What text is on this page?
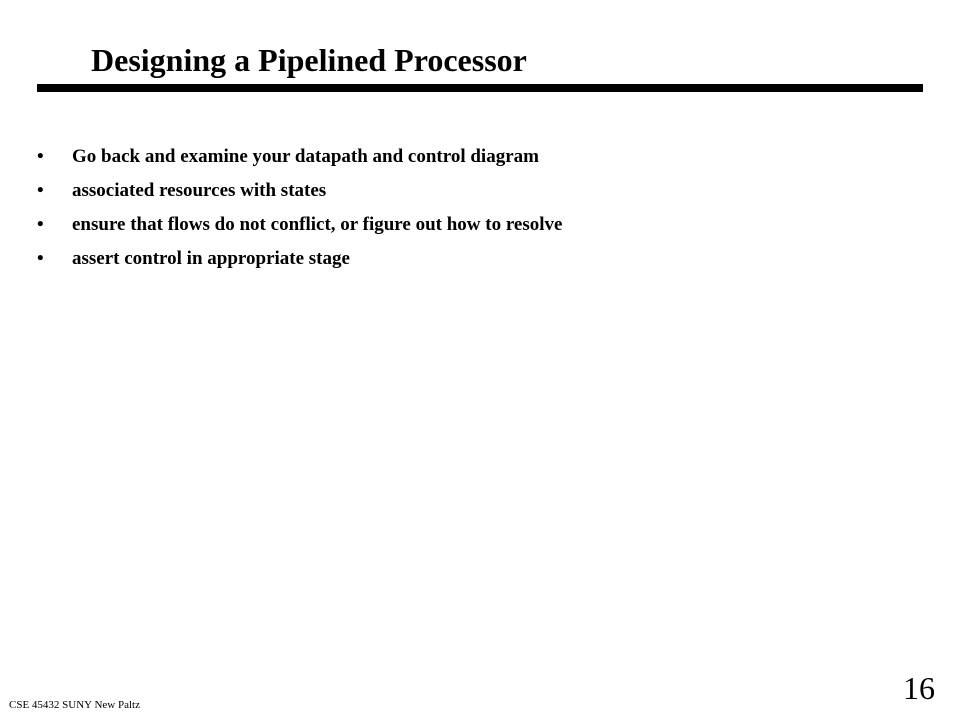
Designing a Pipelined Processor
•	Go back and examine your datapath and control diagram
•	associated resources with states
•	ensure that flows do not conflict, or figure out how to resolve
•	assert control in appropriate stage
CSE 45432 SUNY New Paltz	16
